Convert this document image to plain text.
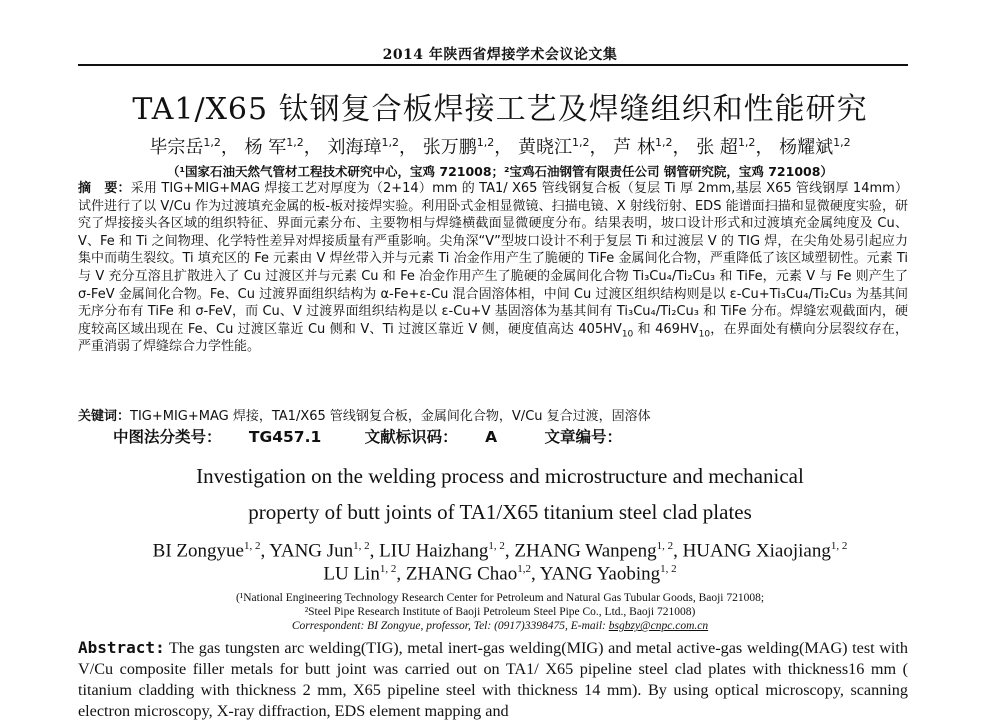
2014 年陕西省焊接学术会议论文集
TA1/X65 钛钢复合板焊接工艺及焊缝组织和性能研究
毕宗岳$^{1,2}$， 杨 军$^{1,2}$， 刘海璋$^{1,2}$， 张万鹏$^{1,2}$， 黄晓江$^{1,2}$， 芦 林$^{1,2}$， 张 超$^{1,2}$， 杨耀斌$^{1,2}$
（¹国家石油天然气管材工程技术研究中心，宝鸡 721008；²宝鸡石油钢管有限责任公司 钢管研究院，宝鸡 721008）
摘　要：采用 TIG+MIG+MAG 焊接工艺对厚度为（2+14）mm 的 TA1/ X65 管线钢复合板（复层 Ti 厚 2mm,基层 X65 管线钢厚 14mm）试件进行了以 V/Cu 作为过渡填充金属的板-板对接焊实验。利用卧式金相显微镜、扫描电镜、X 射线衍射、EDS 能谱面扫描和显微硬度实验，研究了焊接接头各区域的组织特征、界面元素分布、主要物相与焊缝横截面显微硬度分布。结果表明，坡口设计形式和过渡填充金属纯度及 Cu、V、Fe 和 Ti 之间物理、化学特性差异对焊接质量有严重影响。尖角深“V”型坡口设计不利于复层 Ti 和过渡层 V 的 TIG 焊，在尖角处易引起应力集中而萌生裂纹。Ti 填充区的 Fe 元素由 V 焊丝带入并与元素 Ti 冶金作用产生了脆硬的 TiFe 金属间化合物，严重降低了该区域塑韧性。元素 Ti 与 V 充分互溶且扩散进入了 Cu 过渡区并与元素 Cu 和 Fe 冶金作用产生了脆硬的金属间化合物 Ti₃Cu₄/Ti₂Cu₃ 和 TiFe，元素 V 与 Fe 则产生了 σ-FeV 金属间化合物。Fe、Cu 过渡界面组织结构为 α-Fe+ε-Cu 混合固溶体相，中间 Cu 过渡区组织结构则是以 ε-Cu+Ti₃Cu₄/Ti₂Cu₃ 为基其间无序分布有 TiFe 和 σ-FeV，而 Cu、V 过渡界面组织结构是以 ε-Cu+V 基固溶体为基其间有 Ti₃Cu₄/Ti₂Cu₃ 和 TiFe 分布。焊缝宏观截面内，硬度较高区域出现在 Fe、Cu 过渡区靠近 Cu 侧和 V、Ti 过渡区靠近 V 侧，硬度值高达 $405HV_{10}$ 和 $469HV_{10}$，在界面处有横向分层裂纹存在，严重消弱了焊缝综合力学性能。
关键词：TIG+MIG+MAG 焊接，TA1/X65 管线钢复合板，金属间化合物，V/Cu 复合过渡，固溶体
中图法分类号： TG457.1	文献标识码： A	文章编号：
Investigation on the welding process and microstructure and mechanical
property of butt joints of TA1/X65 titanium steel clad plates
BI Zongyue$^{1, 2}$, YANG Jun$^{1, 2}$, LIU Haizhang$^{1, 2}$, ZHANG Wanpeng$^{1, 2}$, HUANG Xiaojiang$^{1, 2}$
LU Lin$^{1, 2}$, ZHANG Chao$^{1,2}$, YANG Yaobing$^{1, 2}$
(¹National Engineering Technology Research Center for Petroleum and Natural Gas Tubular Goods, Baoji 721008;
²Steel Pipe Research Institute of Baoji Petroleum Steel Pipe Co., Ltd., Baoji 721008)
Correspondent: BI Zongyue, professor, Tel: (0917)3398475, E-mail: bsgbzy@cnpc.com.cn
Abstract: The gas tungsten arc welding(TIG), metal inert-gas welding(MIG) and metal active-gas welding(MAG) test with V/Cu composite filler metals for butt joint was carried out on TA1/ X65 pipeline steel clad plates with thickness16 mm ( titanium cladding with thickness 2 mm, X65 pipeline steel with thickness 14 mm). By using optical microscopy, scanning electron microscopy, X-ray diffraction, EDS element mapping and
